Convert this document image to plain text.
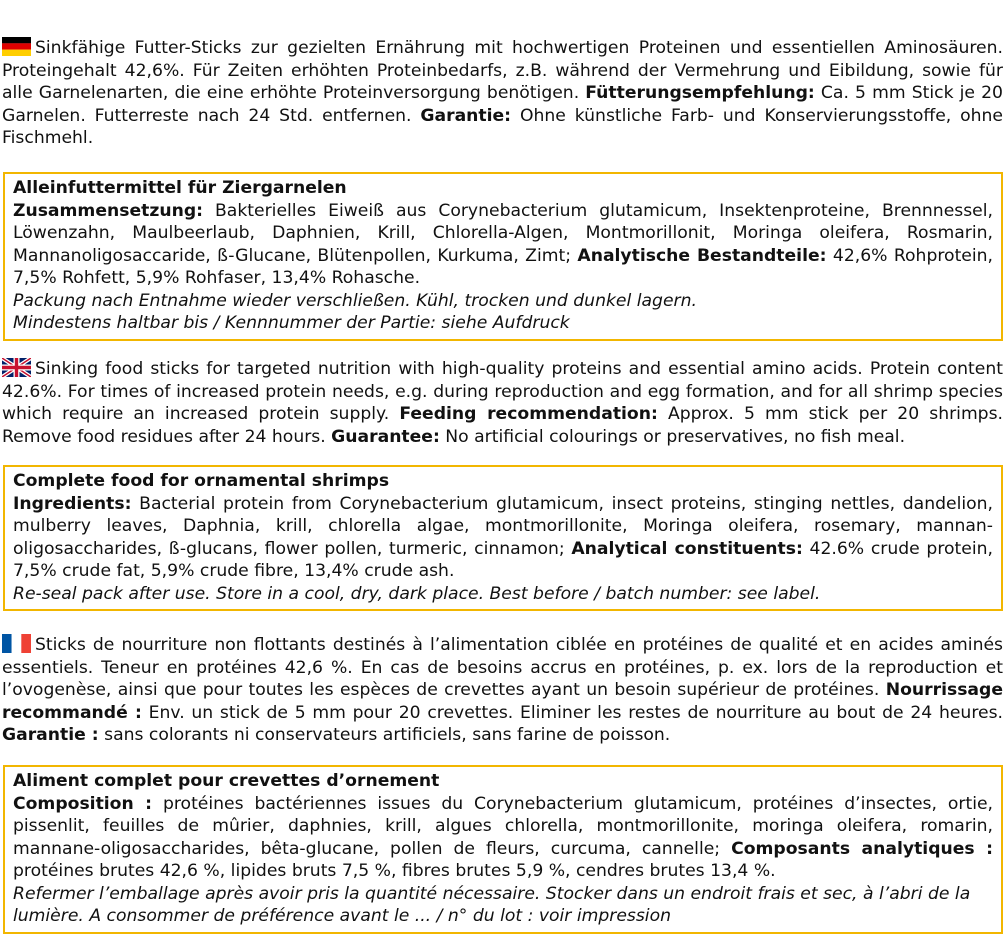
Sinkfähige Futter-Sticks zur gezielten Ernährung mit hochwertigen Proteinen und essentiellen Aminosäuren. Proteingehalt 42,6%. Für Zeiten erhöhten Proteinbedarfs, z.B. während der Vermehrung und Eibildung, sowie für alle Garnelenarten, die eine erhöhte Proteinversorgung benötigen. Fütterungsempfehlung: Ca. 5 mm Stick je 20 Garnelen. Futterreste nach 24 Std. entfernen. Garantie: Ohne künstliche Farb- und Konservierungsstoffe, ohne Fischmehl.
Alleinfuttermittel für Ziergarnelen
Zusammensetzung: Bakterielles Eiweiß aus Corynebacterium glutamicum, Insektenproteine, Brennnessel, Löwenzahn, Maulbeerlaub, Daphnien, Krill, Chlorella-Algen, Montmorillonit, Moringa oleifera, Rosmarin, Mannanoligosaccaride, ß-Glucane, Blütenpollen, Kurkuma, Zimt; Analytische Bestandteile: 42,6% Rohprotein, 7,5% Rohfett, 5,9% Rohfaser, 13,4% Rohasche.
Packung nach Entnahme wieder verschließen. Kühl, trocken und dunkel lagern.
Mindestens haltbar bis / Kennnummer der Partie: siehe Aufdruck
Sinking food sticks for targeted nutrition with high-quality proteins and essential amino acids. Protein content 42.6%. For times of increased protein needs, e.g. during reproduction and egg formation, and for all shrimp species which require an increased protein supply. Feeding recommendation: Approx. 5 mm stick per 20 shrimps. Remove food residues after 24 hours. Guarantee: No artificial colourings or preservatives, no fish meal.
Complete food for ornamental shrimps
Ingredients: Bacterial protein from Corynebacterium glutamicum, insect proteins, stinging nettles, dandelion, mulberry leaves, Daphnia, krill, chlorella algae, montmorillonite, Moringa oleifera, rosemary, mannan-oligosaccharides, ß-glucans, flower pollen, turmeric, cinnamon; Analytical constituents: 42.6% crude protein, 7,5% crude fat, 5,9% crude fibre, 13,4% crude ash.
Re-seal pack after use. Store in a cool, dry, dark place. Best before / batch number: see label.
Sticks de nourriture non flottants destinés à l’alimentation ciblée en protéines de qualité et en acides aminés essentiels. Teneur en protéines 42,6 %. En cas de besoins accrus en protéines, p. ex. lors de la reproduction et l’ovogenèse, ainsi que pour toutes les espèces de crevettes ayant un besoin supérieur de protéines. Nourrissage recommandé : Env. un stick de 5 mm pour 20 crevettes. Eliminer les restes de nourriture au bout de 24 heures. Garantie : sans colorants ni conservateurs artificiels, sans farine de poisson.
Aliment complet pour crevettes d’ornement
Composition : protéines bactériennes issues du Corynebacterium glutamicum, protéines d’insectes, ortie, pissenlit, feuilles de mûrier, daphnies, krill, algues chlorella, montmorillonite, moringa oleifera, romarin, mannane-oligosaccharides, bêta-glucane, pollen de fleurs, curcuma, cannelle; Composants analytiques : protéines brutes 42,6 %, lipides bruts 7,5 %, fibres brutes 5,9 %, cendres brutes 13,4 %.
Refermer l’emballage après avoir pris la quantité nécessaire. Stocker dans un endroit frais et sec, à l’abri de la lumière. A consommer de préférence avant le ... / n° du lot : voir impression
